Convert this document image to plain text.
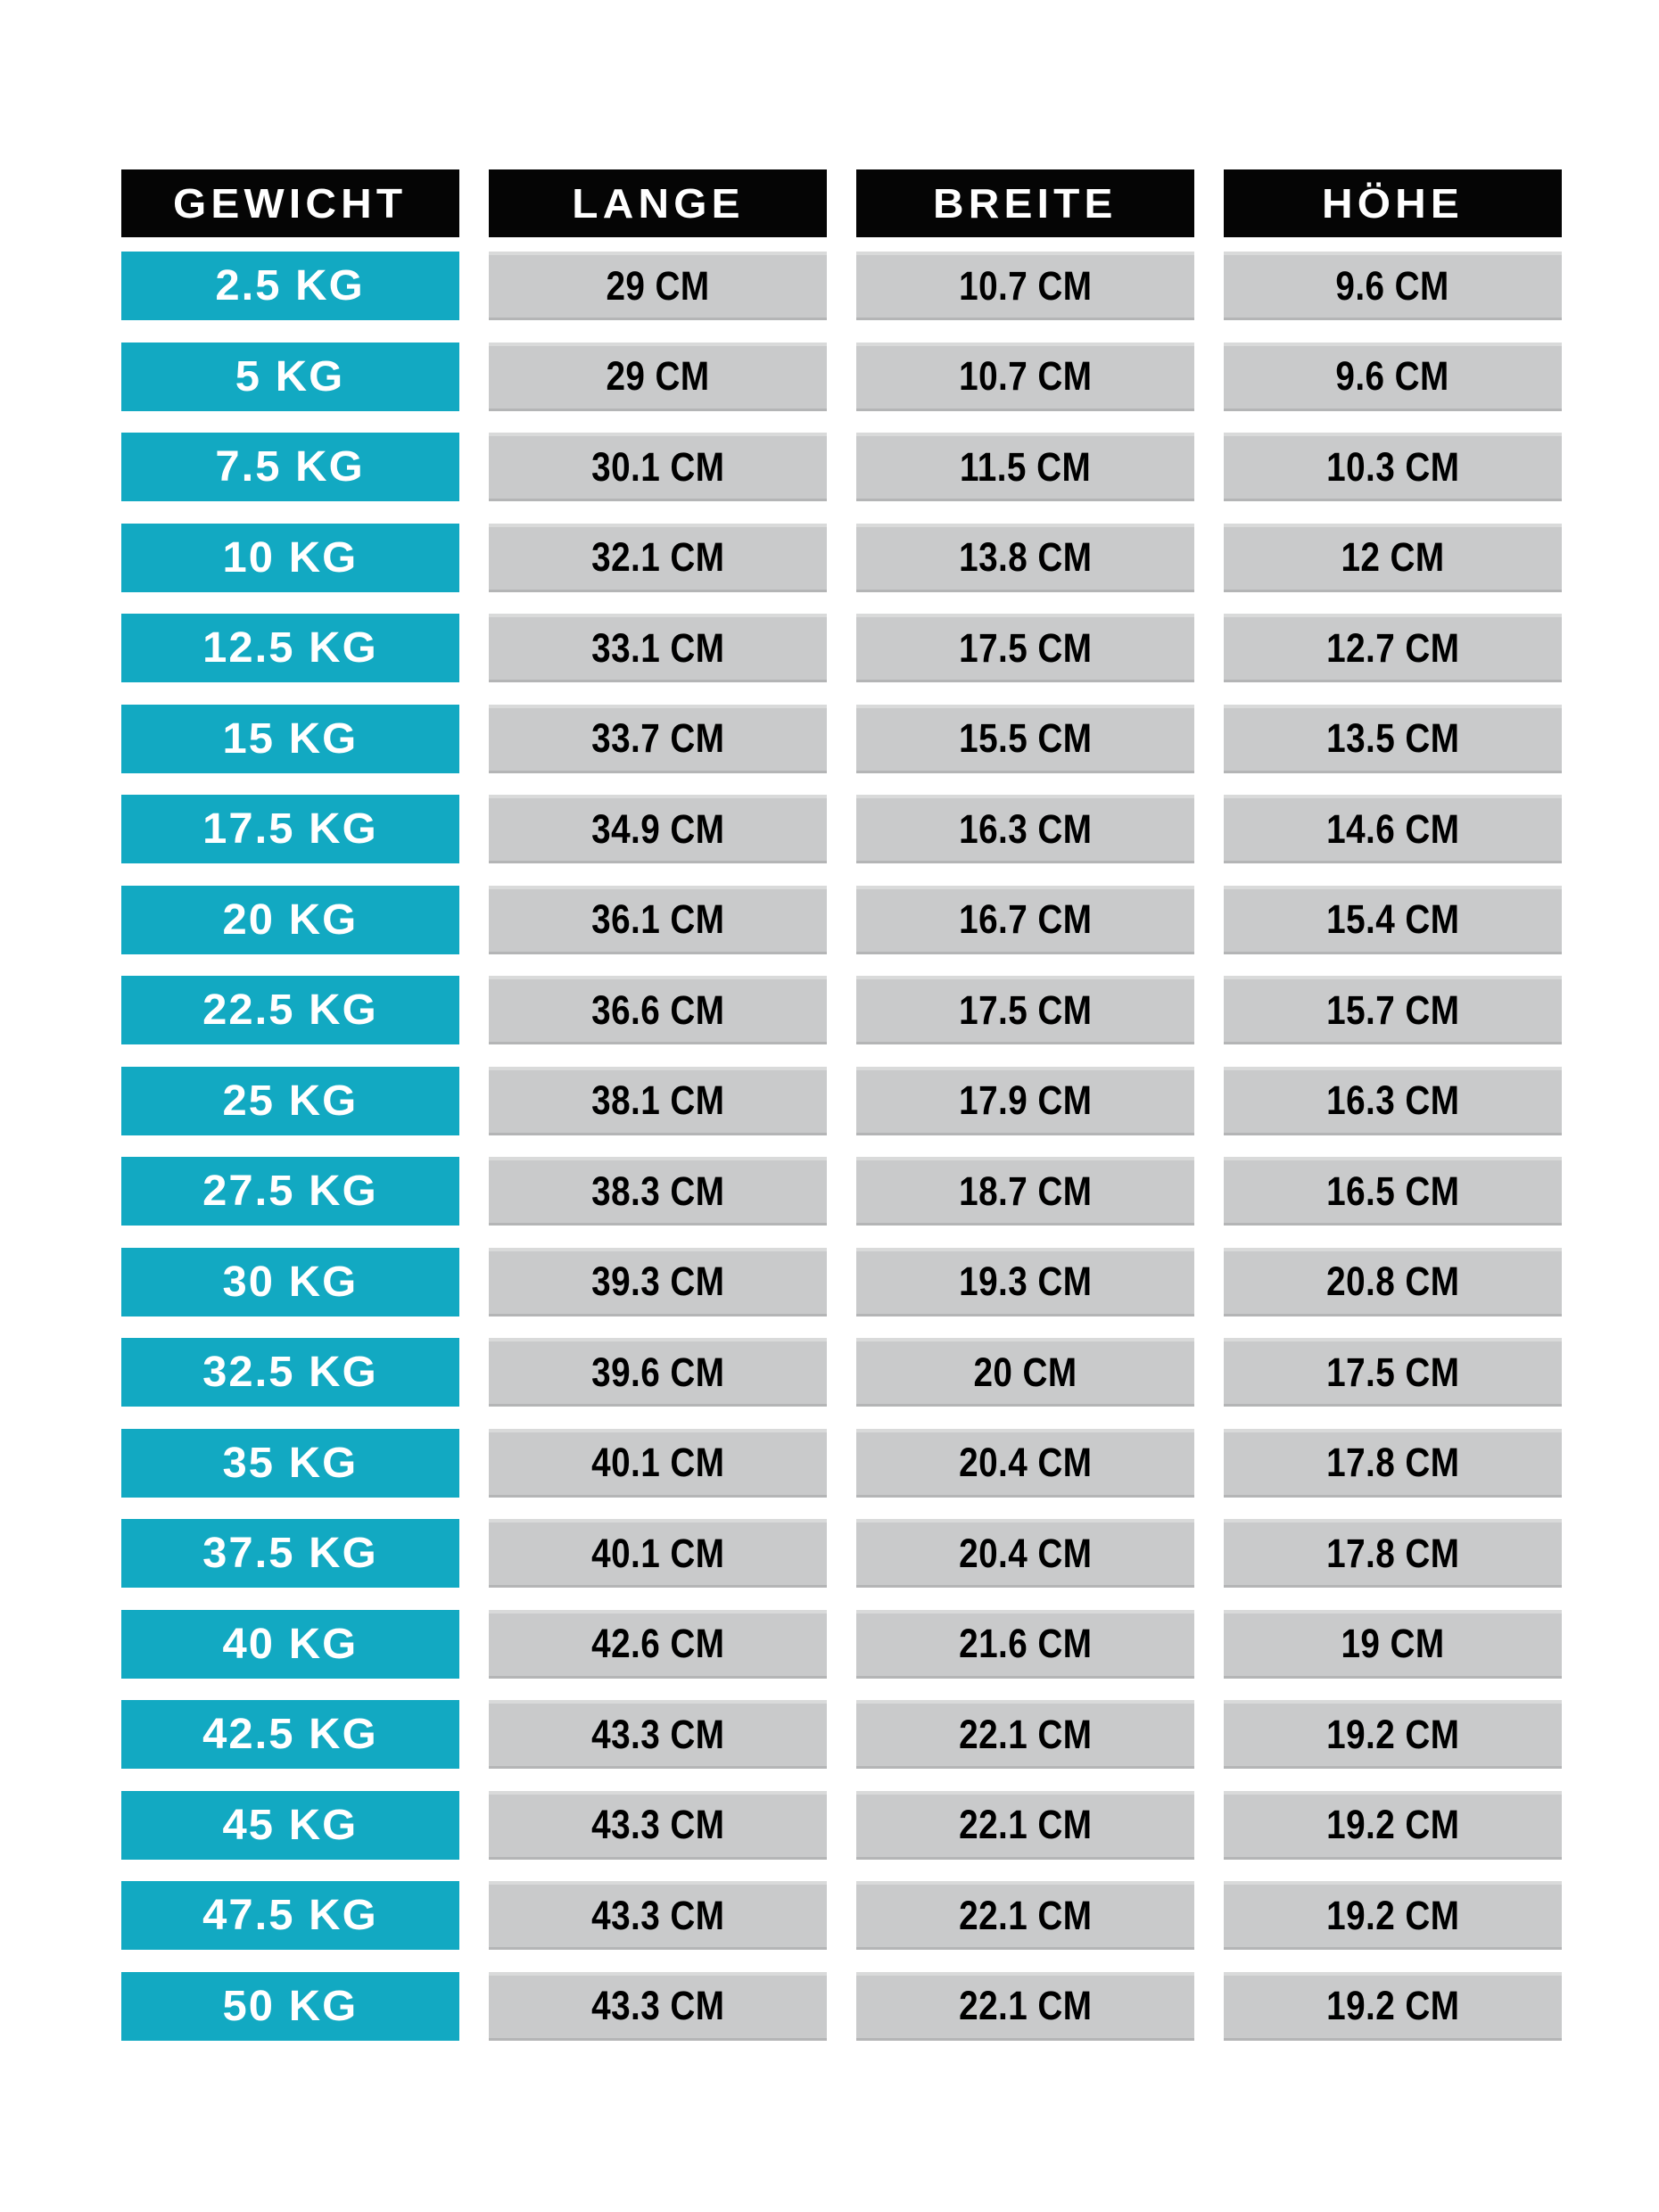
GEWICHT	LANGE	BREITE	HÖHE
2.5 KG	29 CM	10.7 CM	9.6 CM
5 KG	29 CM	10.7 CM	9.6 CM
7.5 KG	30.1 CM	11.5 CM	10.3 CM
10 KG	32.1 CM	13.8 CM	12 CM
12.5 KG	33.1 CM	17.5 CM	12.7 CM
15 KG	33.7 CM	15.5 CM	13.5 CM
17.5 KG	34.9 CM	16.3 CM	14.6 CM
20 KG	36.1 CM	16.7 CM	15.4 CM
22.5 KG	36.6 CM	17.5 CM	15.7 CM
25 KG	38.1 CM	17.9 CM	16.3 CM
27.5 KG	38.3 CM	18.7 CM	16.5 CM
30 KG	39.3 CM	19.3 CM	20.8 CM
32.5 KG	39.6 CM	20 CM	17.5 CM
35 KG	40.1 CM	20.4 CM	17.8 CM
37.5 KG	40.1 CM	20.4 CM	17.8 CM
40 KG	42.6 CM	21.6 CM	19 CM
42.5 KG	43.3 CM	22.1 CM	19.2 CM
45 KG	43.3 CM	22.1 CM	19.2 CM
47.5 KG	43.3 CM	22.1 CM	19.2 CM
50 KG	43.3 CM	22.1 CM	19.2 CM
